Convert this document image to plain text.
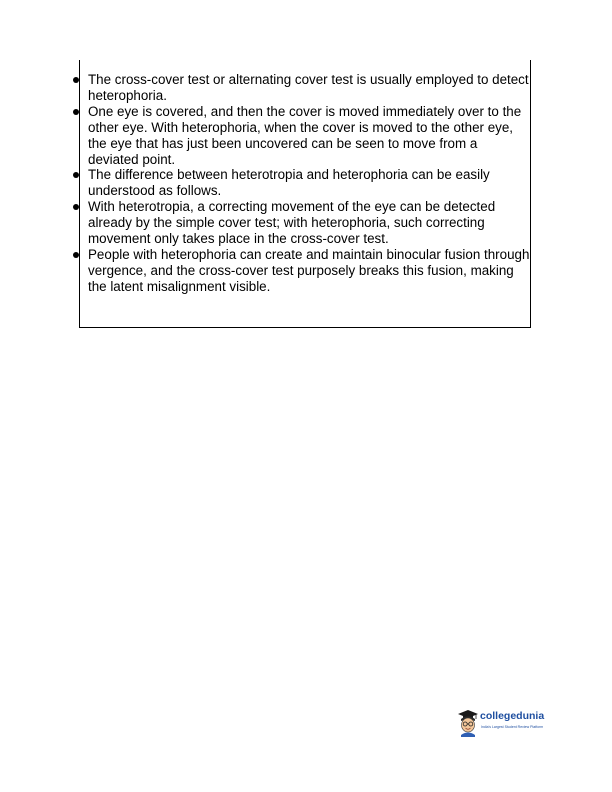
The cross-cover test or alternating cover test is usually employed to detect heterophoria.
One eye is covered, and then the cover is moved immediately over to the other eye. With heterophoria, when the cover is moved to the other eye, the eye that has just been uncovered can be seen to move from a deviated point.
The difference between heterotropia and heterophoria can be easily understood as follows.
With heterotropia, a correcting movement of the eye can be detected already by the simple cover test; with heterophoria, such correcting movement only takes place in the cross-cover test.
People with heterophoria can create and maintain binocular fusion through vergence, and the cross-cover test purposely breaks this fusion, making the latent misalignment visible.
collegedunia
India's Largest Student Review Platform
